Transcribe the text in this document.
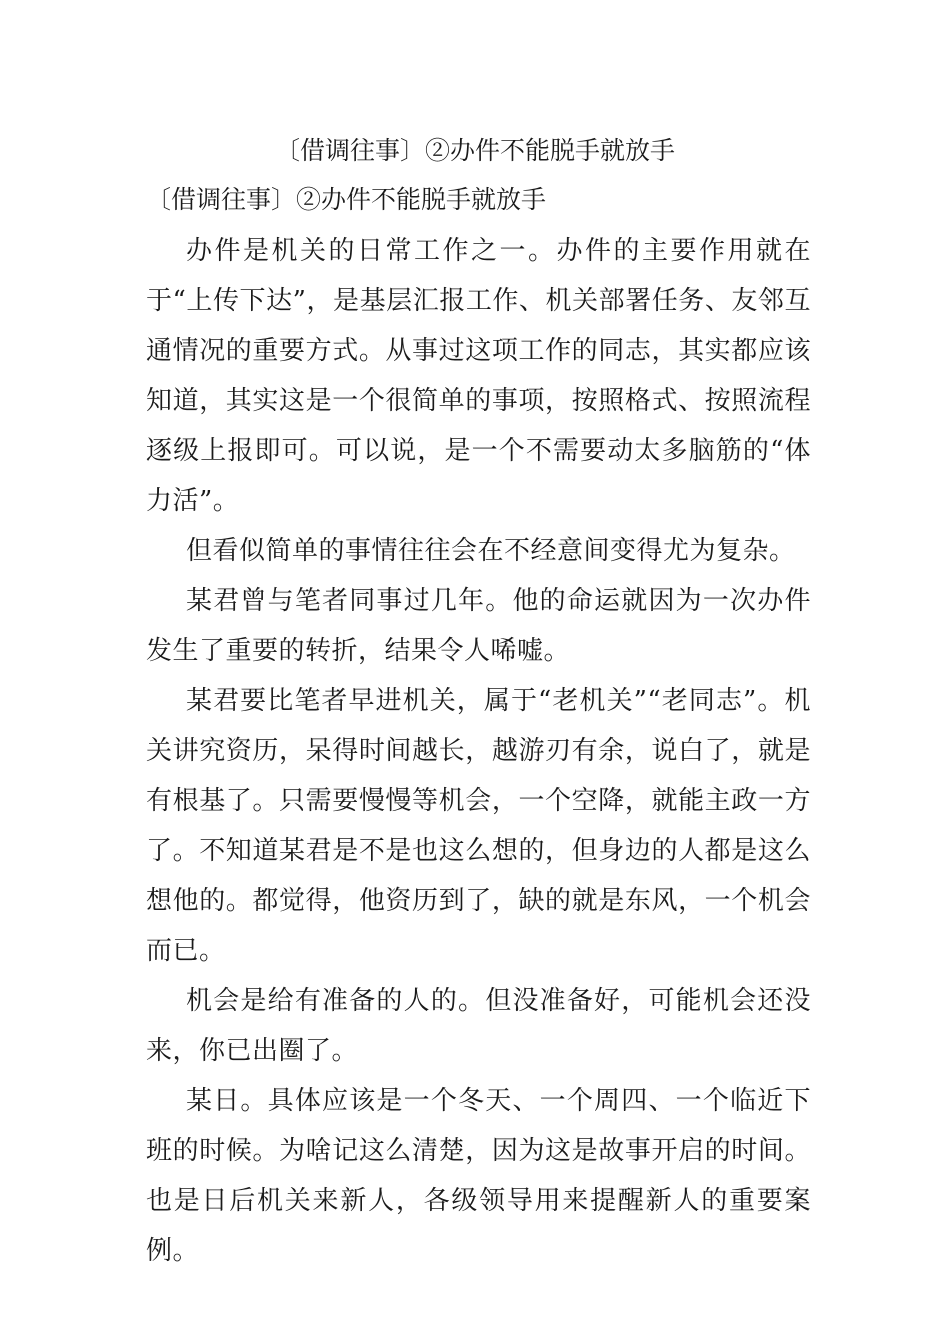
〔借调往事〕②办件不能脱手就放手

〔借调往事〕②办件不能脱手就放手

办件是机关的日常工作之一。办件的主要作用就在于“上传下达”，是基层汇报工作、机关部署任务、友邻互通情况的重要方式。从事过这项工作的同志，其实都应该知道，其实这是一个很简单的事项，按照格式、按照流程逐级上报即可。可以说，是一个不需要动太多脑筋的“体力活”。

但看似简单的事情往往会在不经意间变得尤为复杂。

某君曾与笔者同事过几年。他的命运就因为一次办件发生了重要的转折，结果令人唏嘘。

某君要比笔者早进机关，属于“老机关”“老同志”。机关讲究资历，呆得时间越长，越游刃有余，说白了，就是有根基了。只需要慢慢等机会，一个空降，就能主政一方了。不知道某君是不是也这么想的，但身边的人都是这么想他的。都觉得，他资历到了，缺的就是东风，一个机会而已。

机会是给有准备的人的。但没准备好，可能机会还没来，你已出圈了。

某日。具体应该是一个冬天、一个周四、一个临近下班的时候。为啥记这么清楚，因为这是故事开启的时间。也是日后机关来新人，各级领导用来提醒新人的重要案例。
